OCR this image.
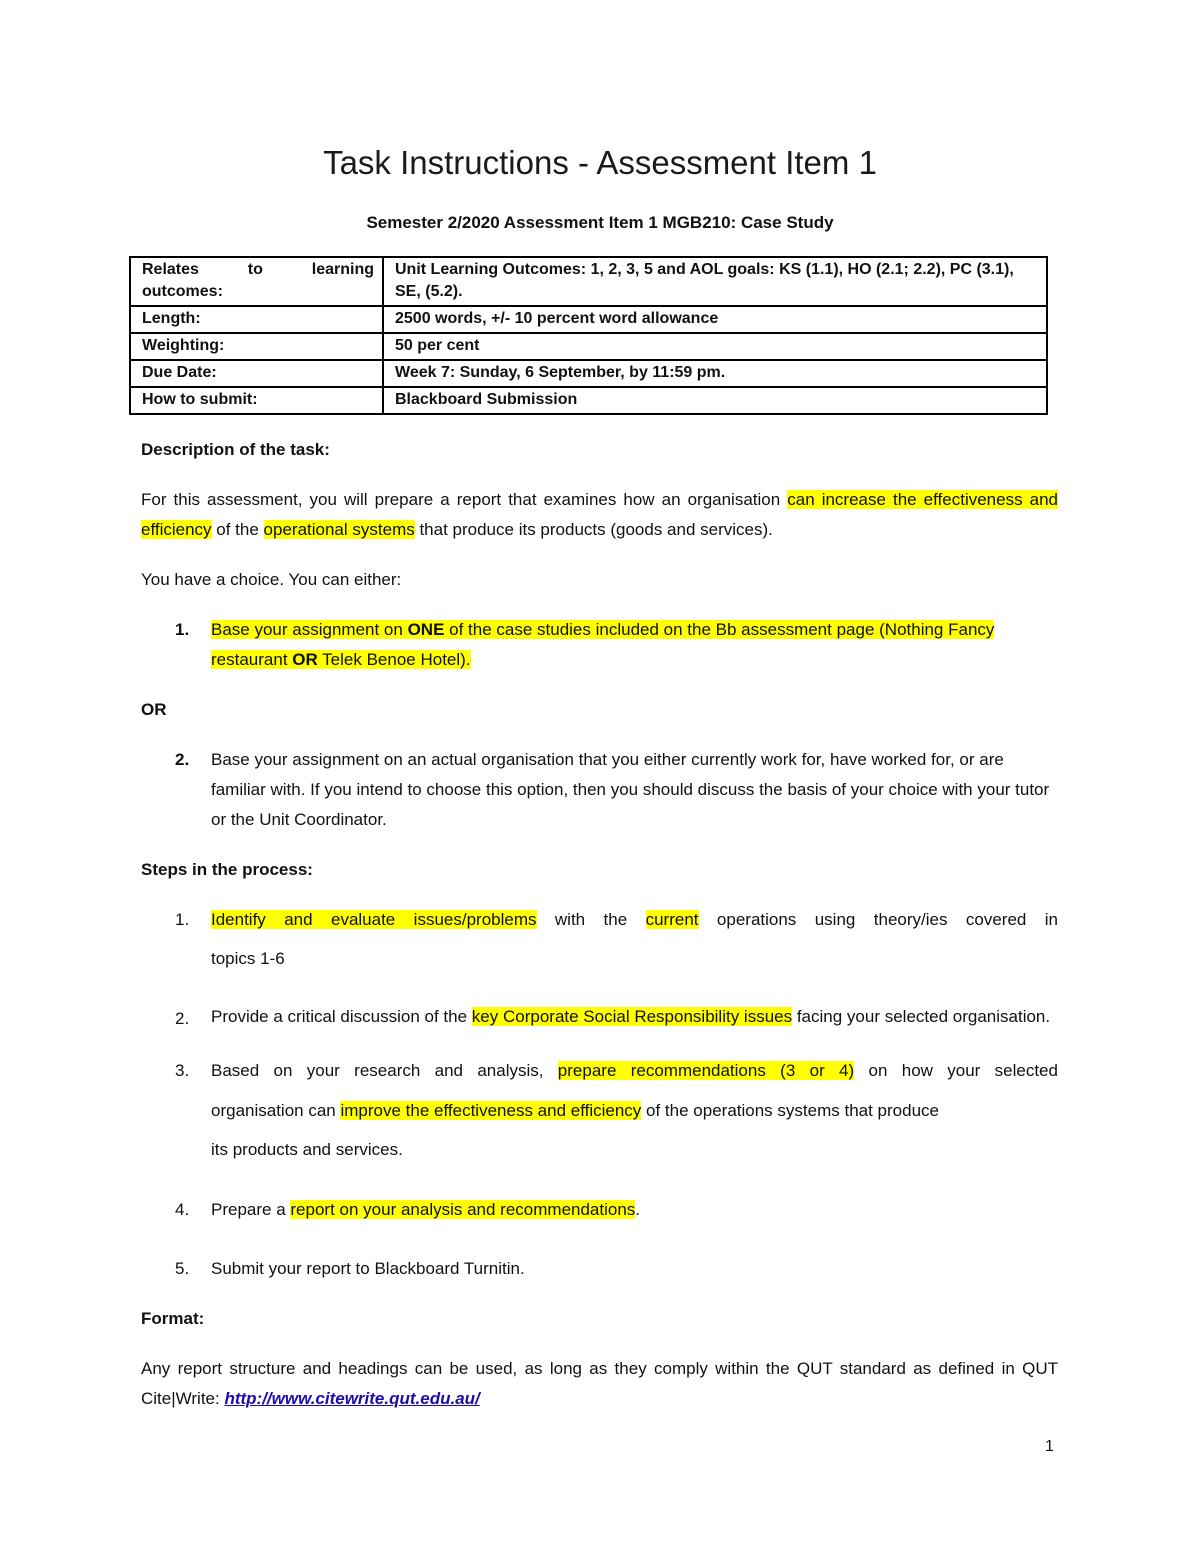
Task Instructions - Assessment Item 1
Semester 2/2020 Assessment Item 1 MGB210: Case Study
Relates to learning
outcomes:	Unit Learning Outcomes: 1, 2, 3, 5 and AOL goals: KS (1.1), HO (2.1; 2.2), PC (3.1), SE, (5.2).
Length:	2500 words, +/- 10 percent word allowance
Weighting:	50 per cent
Due Date:	Week 7: Sunday, 6 September, by 11:59 pm.
How to submit:	Blackboard Submission
Description of the task:
For this assessment, you will prepare a report that examines how an organisation can increase the effectiveness and efficiency of the operational systems that produce its products (goods and services).
You have a choice. You can either:
1.	Base your assignment on ONE of the case studies included on the Bb assessment page (Nothing Fancy restaurant OR Telek Benoe Hotel).
OR
2.	Base your assignment on an actual organisation that you either currently work for, have worked for, or are familiar with. If you intend to choose this option, then you should discuss the basis of your choice with your tutor or the Unit Coordinator.
Steps in the process:
1.	Identify and evaluate issues/problems with the current operations using theory/ies covered in
topics 1-6
2.	Provide a critical discussion of the key Corporate Social Responsibility issues facing your selected organisation.
3.	Based on your research and analysis, prepare recommendations (3 or 4) on how your selected
organisation can improve the effectiveness and efficiency of the operations systems that produce
its products and services.
4.	Prepare a report on your analysis and recommendations.
5.	Submit your report to Blackboard Turnitin.
Format:
Any report structure and headings can be used, as long as they comply within the QUT standard as defined in QUT Cite|Write: http://www.citewrite.qut.edu.au/
1
